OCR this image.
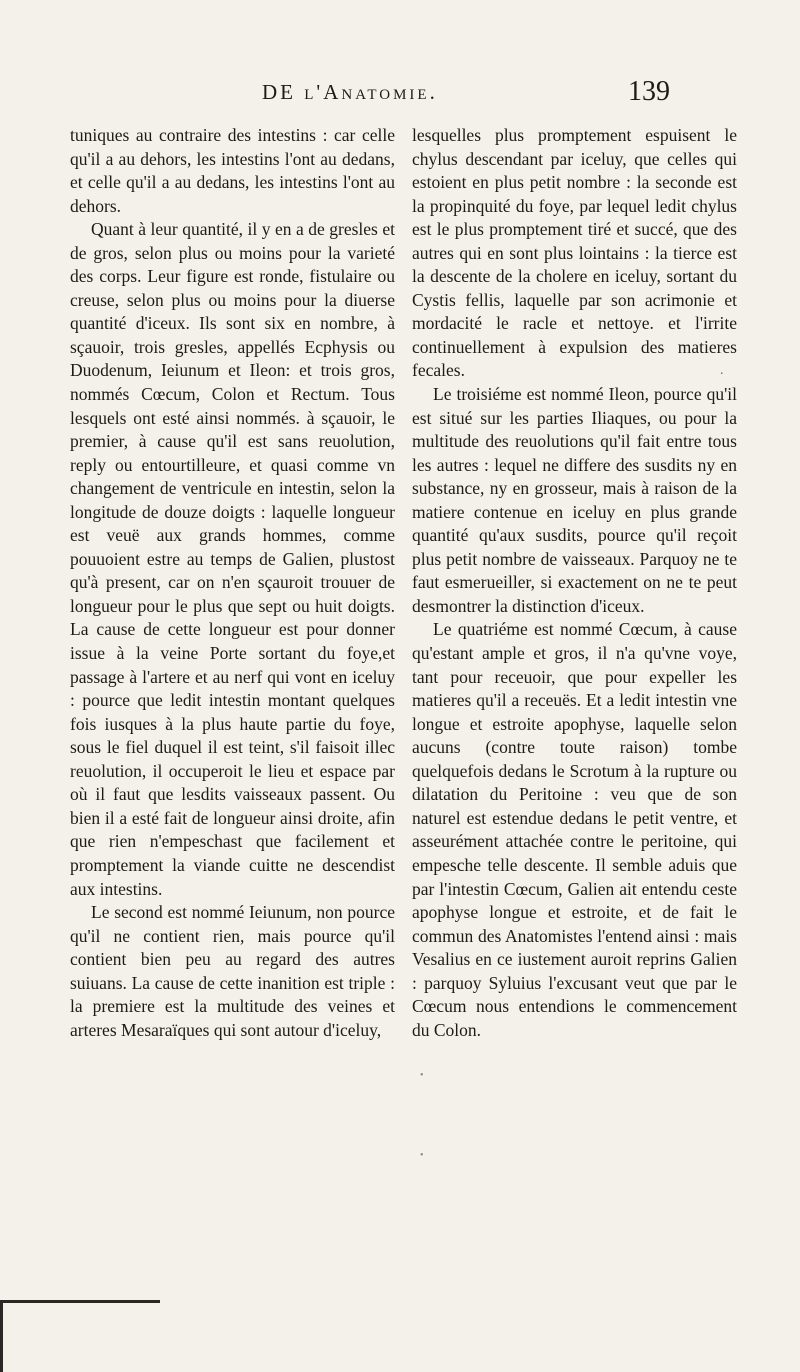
DE l'Anatomie.	139

tuniques au contraire des intestins : car celle qu'il a au dehors, les intestins l'ont au dedans, et celle qu'il a au dedans, les intestins l'ont au dehors.

Quant à leur quantité, il y en a de gresles et de gros, selon plus ou moins pour la varieté des corps. Leur figure est ronde, fistulaire ou creuse, selon plus ou moins pour la diuerse quantité d'iceux. Ils sont six en nombre, à sçauoir, trois gresles, appellés Ecphysis ou Duodenum, Ieiunum et Ileon: et trois gros, nommés Cœcum, Colon et Rectum. Tous lesquels ont esté ainsi nommés. à sçauoir, le premier, à cause qu'il est sans reuolution, reply ou entourtilleure, et quasi comme vn changement de ventricule en intestin, selon la longitude de douze doigts : laquelle longueur est veuë aux grands hommes, comme pouuoient estre au temps de Galien, plustost qu'à present, car on n'en sçauroit trouuer de longueur pour le plus que sept ou huit doigts. La cause de cette longueur est pour donner issue à la veine Porte sortant du foye,et passage à l'artere et au nerf qui vont en iceluy : pource que ledit intestin montant quelques fois iusques à la plus haute partie du foye, sous le fiel duquel il est teint, s'il faisoit illec reuolution, il occuperoit le lieu et espace par où il faut que lesdits vaisseaux passent. Ou bien il a esté fait de longueur ainsi droite, afin que rien n'empeschast que facilement et promptement la viande cuitte ne descendist aux intestins.

Le second est nommé Ieiunum, non pource qu'il ne contient rien, mais pource qu'il contient bien peu au regard des autres suiuans. La cause de cette inanition est triple : la premiere est la multitude des veines et arteres Mesaraïques qui sont autour d'iceluy,

lesquelles plus promptement espuisent le chylus descendant par iceluy, que celles qui estoient en plus petit nombre : la seconde est la propinquité du foye, par lequel ledit chylus est le plus promptement tiré et succé, que des autres qui en sont plus lointains : la tierce est la descente de la cholere en iceluy, sortant du Cystis fellis, laquelle par son acrimonie et mordacité le racle et nettoye. et l'irrite continuellement à expulsion des matieres fecales.

Le troisiéme est nommé Ileon, pource qu'il est situé sur les parties Iliaques, ou pour la multitude des reuolutions qu'il fait entre tous les autres : lequel ne differe des susdits ny en substance, ny en grosseur, mais à raison de la matiere contenue en iceluy en plus grande quantité qu'aux susdits, pource qu'il reçoit plus petit nombre de vaisseaux. Parquoy ne te faut esmerueiller, si exactement on ne te peut desmontrer la distinction d'iceux.

Le quatriéme est nommé Cœcum, à cause qu'estant ample et gros, il n'a qu'vne voye, tant pour receuoir, que pour expeller les matieres qu'il a receuës. Et a ledit intestin vne longue et estroite apophyse, laquelle selon aucuns (contre toute raison) tombe quelquefois dedans le Scrotum à la rupture ou dilatation du Peritoine : veu que de son naturel est estendue dedans le petit ventre, et asseurément attachée contre le peritoine, qui empesche telle descente. Il semble aduis que par l'intestin Cœcum, Galien ait entendu ceste apophyse longue et estroite, et de fait le commun des Anatomistes l'entend ainsi : mais Vesalius en ce iustement auroit reprins Galien : parquoy Syluius l'excusant veut que par le Cœcum nous entendions le commencement du Colon.

.
•
•
